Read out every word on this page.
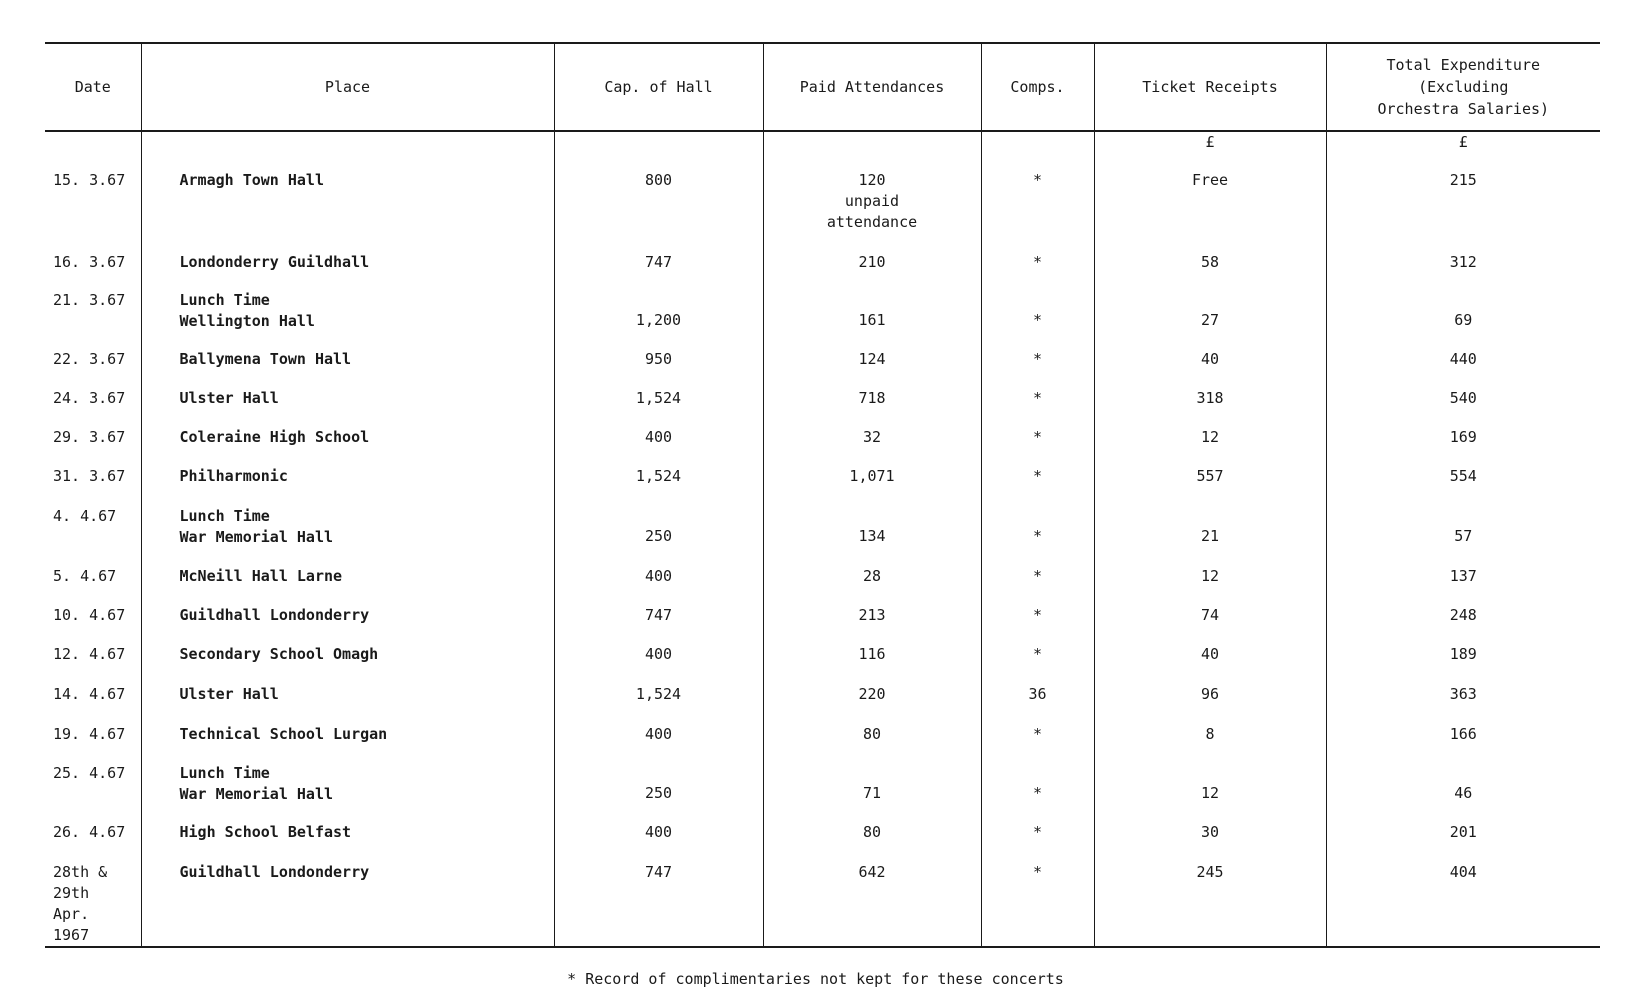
Date	Place	Cap. of Hall	Paid Attendances	Comps.	Ticket Receipts	Total Expenditure
(Excluding
Orchestra Salaries)
					£	£
15. 3.67	Armagh Town Hall	800	120
unpaid
attendance	*	Free	215
16. 3.67	Londonderry Guildhall	747	210	*	58	312
21. 3.67	Lunch Time
Wellington Hall	1,200	161	*	27	69
22. 3.67	Ballymena Town Hall	950	124	*	40	440
24. 3.67	Ulster Hall	1,524	718	*	318	540
29. 3.67	Coleraine High School	400	32	*	12	169
31. 3.67	Philharmonic	1,524	1,071	*	557	554
4. 4.67	Lunch Time
War Memorial Hall	250	134	*	21	57
5. 4.67	McNeill Hall Larne	400	28	*	12	137
10. 4.67	Guildhall Londonderry	747	213	*	74	248
12. 4.67	Secondary School Omagh	400	116	*	40	189
14. 4.67	Ulster Hall	1,524	220	36	96	363
19. 4.67	Technical School Lurgan	400	80	*	8	166
25. 4.67	Lunch Time
War Memorial Hall	250	71	*	12	46
26. 4.67	High School Belfast	400	80	*	30	201
28th &
29th Apr.
1967	Guildhall Londonderry	747	642	*	245	404
* Record of complimentaries not kept for these concerts
